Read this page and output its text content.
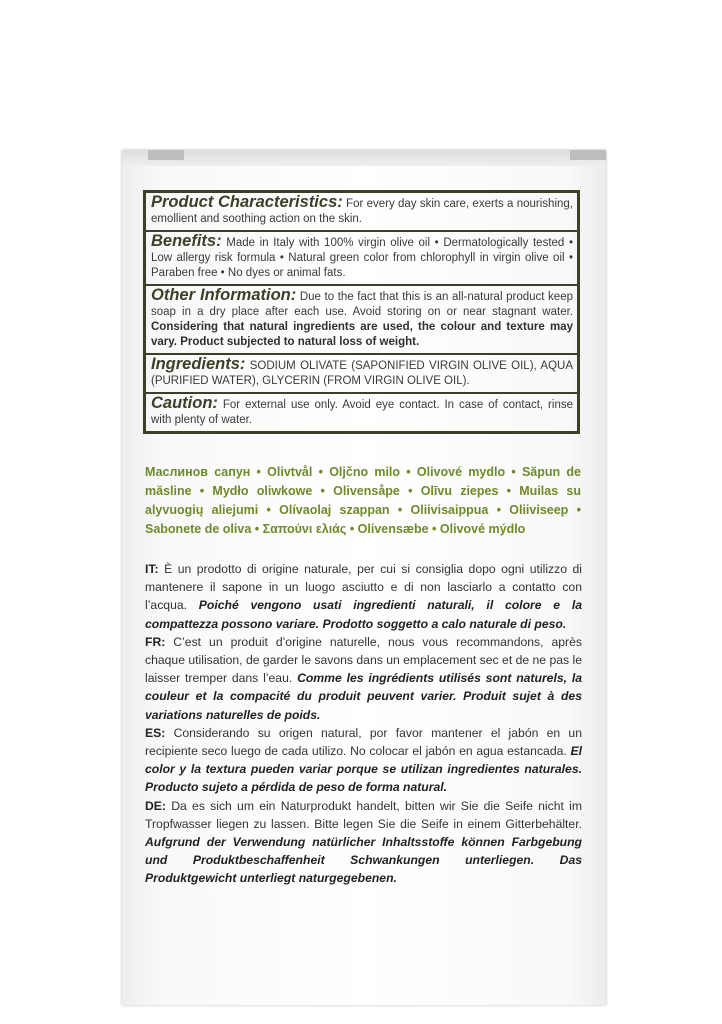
Product Characteristics: For every day skin care, exerts a nourishing, emollient and soothing action on the skin.
Benefits: Made in Italy with 100% virgin olive oil • Dermatologically tested • Low allergy risk formula • Natural green color from chlorophyll in virgin olive oil • Paraben free • No dyes or animal fats.
Other Information: Due to the fact that this is an all-natural product keep soap in a dry place after each use. Avoid storing on or near stagnant water. Considering that natural ingredients are used, the colour and texture may vary. Product subjected to natural loss of weight.
Ingredients: SODIUM OLIVATE (SAPONIFIED VIRGIN OLIVE OIL), AQUA (PURIFIED WATER), GLYCERIN (FROM VIRGIN OLIVE OIL).
Caution: For external use only. Avoid eye contact. In case of contact, rinse with plenty of water.
Маслинов сапун • Olivtvål • Oljčno milo • Olivové mydlo • Săpun de măsline • Mydło oliwkowe • Olivensåpe • Olīvu ziepes • Muilas su alyvuogių aliejumi • Olívaolaj szappan • Oliivisaippua • Oliiviseep • Sabonete de oliva • Σαπούνι ελιάς • Olivensæbe • Olivové mýdlo
IT: È un prodotto di origine naturale, per cui si consiglia dopo ogni utilizzo di mantenere il sapone in un luogo asciutto e di non lasciarlo a contatto con l’acqua. Poiché vengono usati ingredienti naturali, il colore e la compattezza possono variare. Prodotto soggetto a calo naturale di peso.
FR: C’est un produit d’origine naturelle, nous vous recommandons, après chaque utilisation, de garder le savons dans un emplacement sec et de ne pas le laisser tremper dans l’eau. Comme les ingrédients utilisés sont naturels, la couleur et la compacité du produit peuvent varier. Produit sujet à des variations naturelles de poids.
ES: Considerando su origen natural, por favor mantener el jabón en un recipiente seco luego de cada utilizo. No colocar el jabón en agua estancada. El color y la textura pueden variar porque se utilizan ingredientes naturales. Producto sujeto a pérdida de peso de forma natural.
DE: Da es sich um ein Naturprodukt handelt, bitten wir Sie die Seife nicht im Tropfwasser liegen zu lassen. Bitte legen Sie die Seife in einem Gitterbehälter. Aufgrund der Verwendung natürlicher Inhaltsstoffe können Farbgebung und Produktbeschaffenheit Schwankungen unterliegen. Das Produktgewicht unterliegt naturgegebenen.
